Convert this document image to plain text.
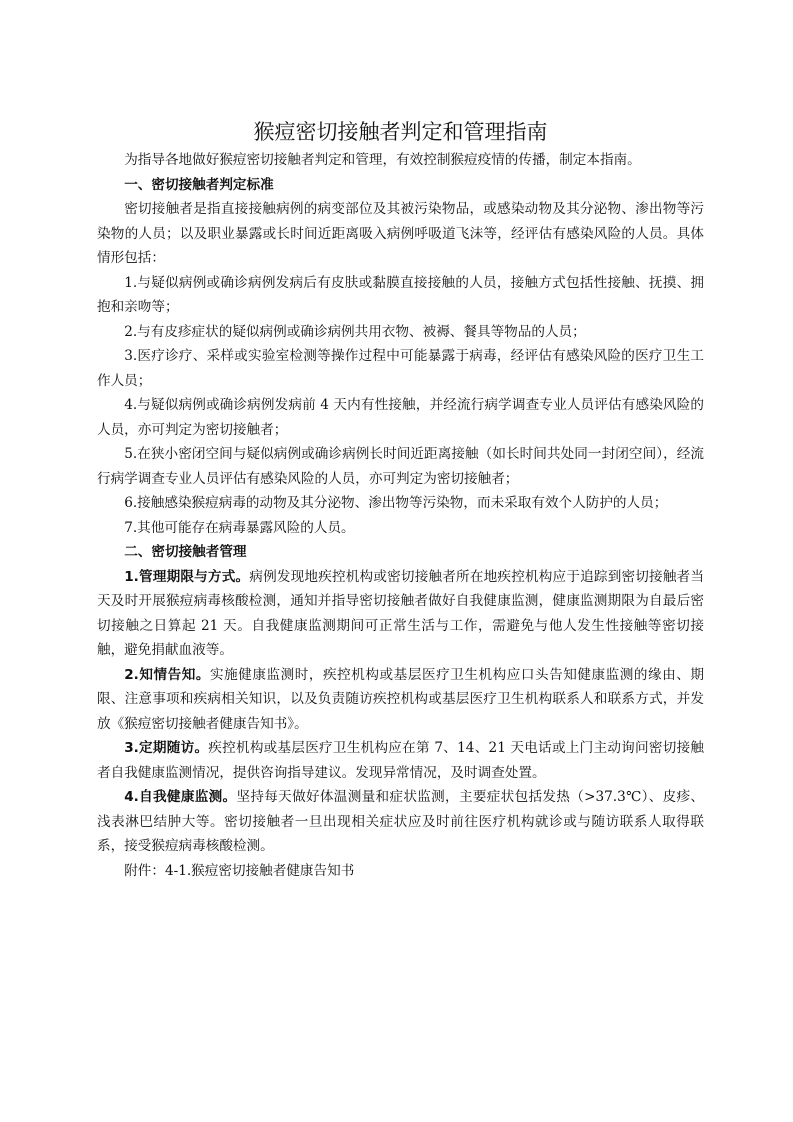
猴痘密切接触者判定和管理指南

为指导各地做好猴痘密切接触者判定和管理，有效控制猴痘疫情的传播，制定本指南。

一、密切接触者判定标准

密切接触者是指直接接触病例的病变部位及其被污染物品，或感染动物及其分泌物、渗出物等污染物的人员；以及职业暴露或长时间近距离吸入病例呼吸道飞沫等，经评估有感染风险的人员。具体情形包括：

1.与疑似病例或确诊病例发病后有皮肤或黏膜直接接触的人员，接触方式包括性接触、抚摸、拥抱和亲吻等；

2.与有皮疹症状的疑似病例或确诊病例共用衣物、被褥、餐具等物品的人员；

3.医疗诊疗、采样或实验室检测等操作过程中可能暴露于病毒，经评估有感染风险的医疗卫生工作人员；

4.与疑似病例或确诊病例发病前 4 天内有性接触，并经流行病学调查专业人员评估有感染风险的人员，亦可判定为密切接触者；

5.在狭小密闭空间与疑似病例或确诊病例长时间近距离接触（如长时间共处同一封闭空间），经流行病学调查专业人员评估有感染风险的人员，亦可判定为密切接触者；

6.接触感染猴痘病毒的动物及其分泌物、渗出物等污染物，而未采取有效个人防护的人员；

7.其他可能存在病毒暴露风险的人员。

二、密切接触者管理

1.管理期限与方式。病例发现地疾控机构或密切接触者所在地疾控机构应于追踪到密切接触者当天及时开展猴痘病毒核酸检测，通知并指导密切接触者做好自我健康监测，健康监测期限为自最后密切接触之日算起 21 天。自我健康监测期间可正常生活与工作，需避免与他人发生性接触等密切接触，避免捐献血液等。

2.知情告知。实施健康监测时，疾控机构或基层医疗卫生机构应口头告知健康监测的缘由、期限、注意事项和疾病相关知识，以及负责随访疾控机构或基层医疗卫生机构联系人和联系方式，并发放《猴痘密切接触者健康告知书》。

3.定期随访。疾控机构或基层医疗卫生机构应在第 7、14、21 天电话或上门主动询问密切接触者自我健康监测情况，提供咨询指导建议。发现异常情况，及时调查处置。

4.自我健康监测。坚持每天做好体温测量和症状监测，主要症状包括发热（>37.3℃）、皮疹、浅表淋巴结肿大等。密切接触者一旦出现相关症状应及时前往医疗机构就诊或与随访联系人取得联系，接受猴痘病毒核酸检测。

附件：4-1.猴痘密切接触者健康告知书
